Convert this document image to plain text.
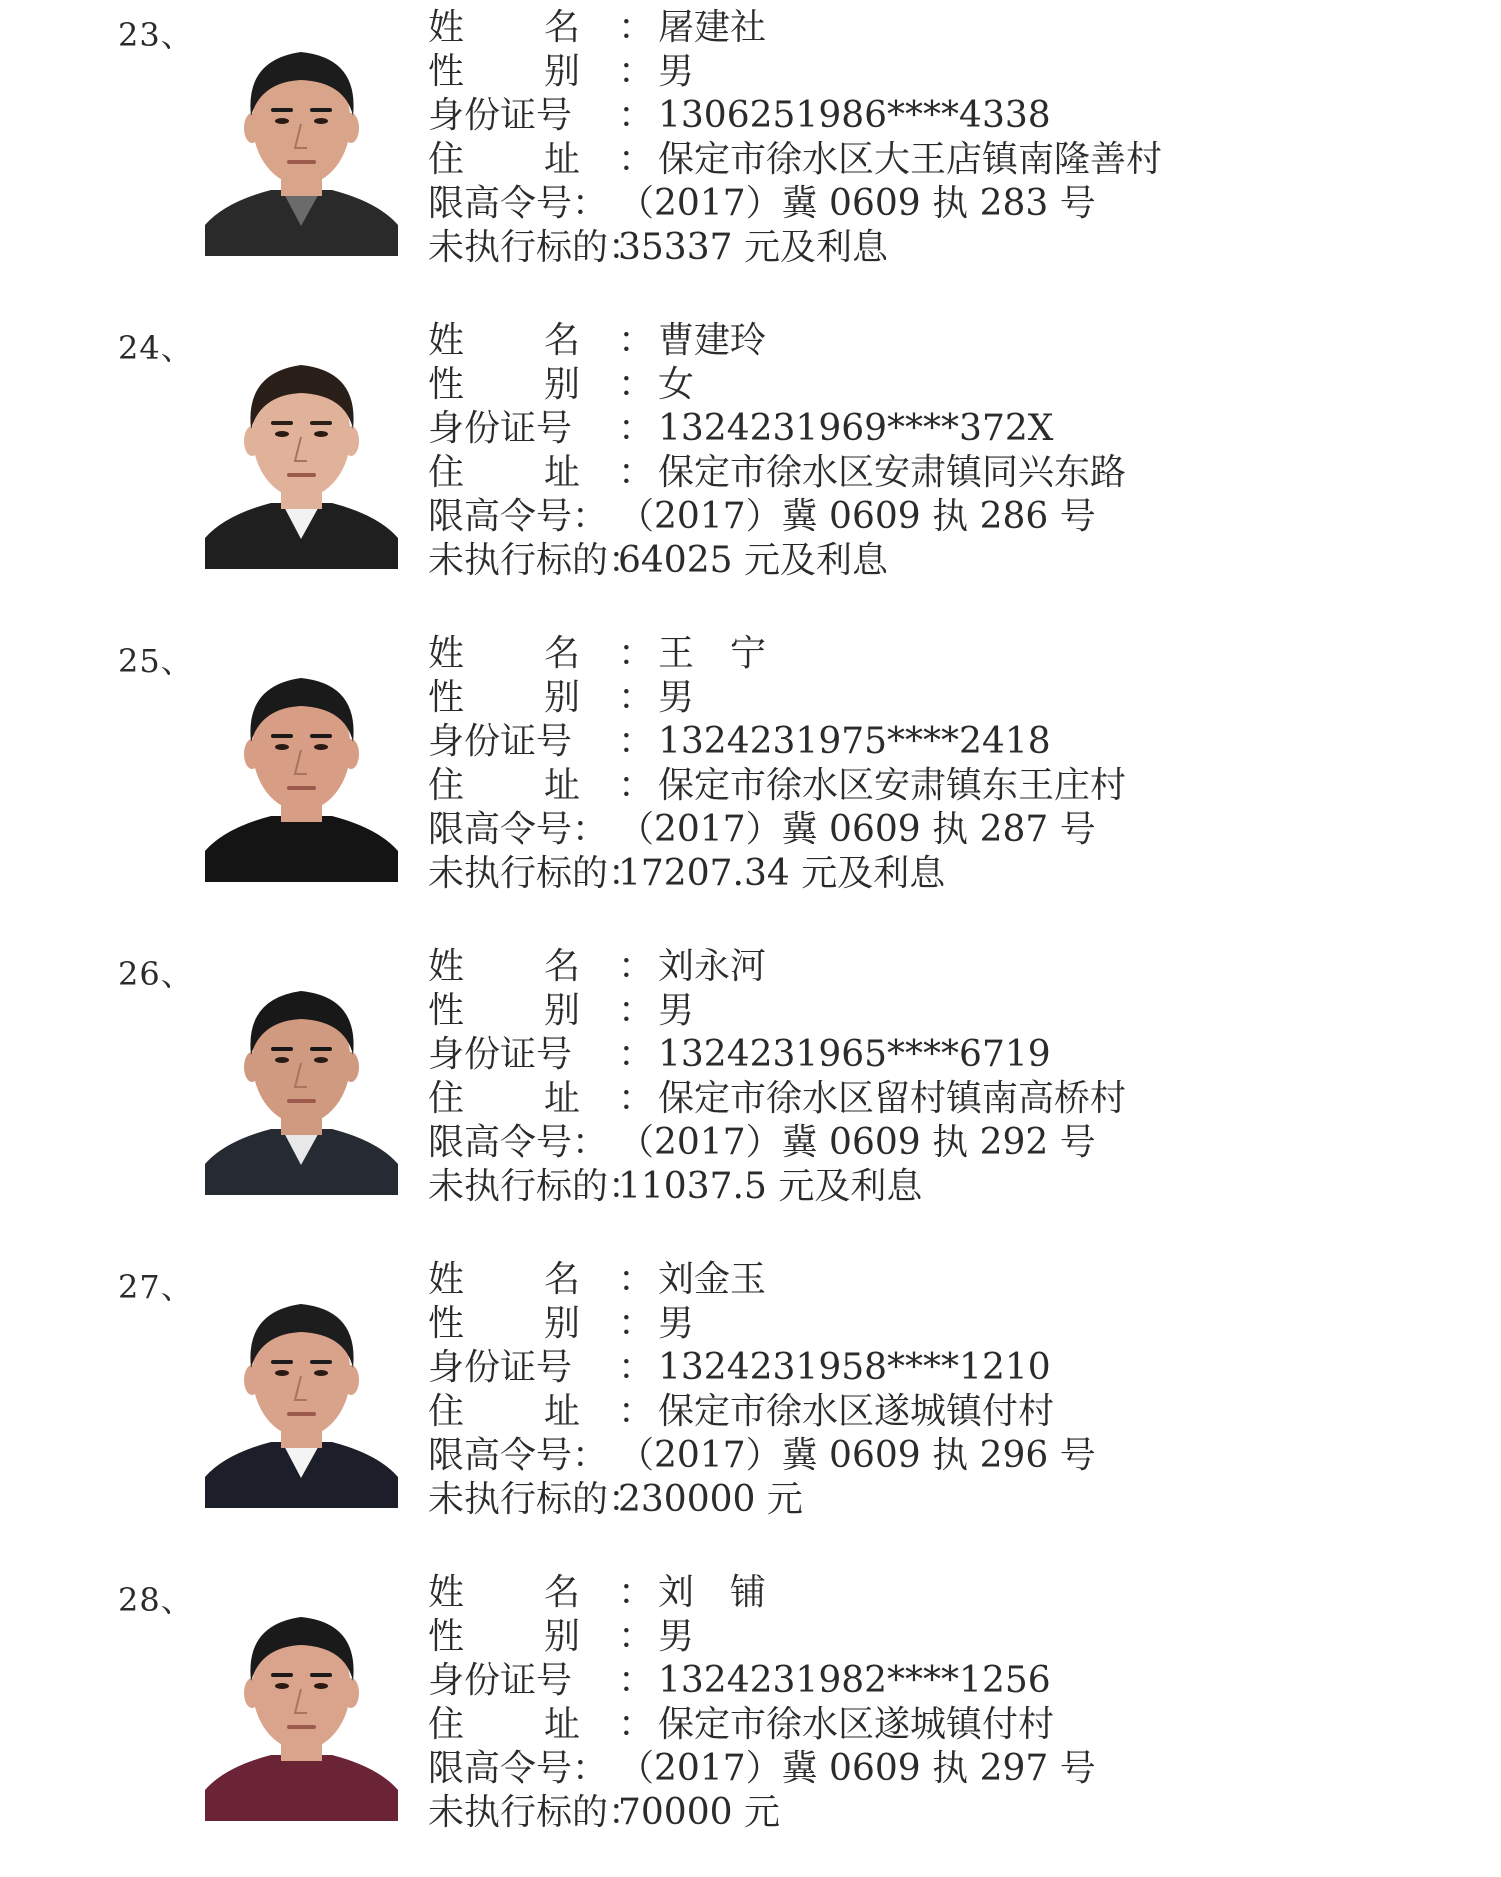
23、	姓 名 ： 屠建社
性 别 ： 男
身份证号	： 1306251986****4338
住 址 ： 保定市徐水区大王店镇南隆善村
限高令号： （2017）冀 0609 执 283 号
未执行标的：
35337 元及利息
24、	姓 名 ： 曹建玲
性 别 ： 女
身份证号	： 1324231969****372X
住 址 ： 保定市徐水区安肃镇同兴东路
限高令号： （2017）冀 0609 执 286 号
未执行标的：
64025 元及利息
25、	姓 名 ： 王　宁
性 别 ： 男
身份证号	： 1324231975****2418
住 址 ： 保定市徐水区安肃镇东王庄村
限高令号： （2017）冀 0609 执 287 号
未执行标的：
17207.34 元及利息
26、	姓 名 ： 刘永河
性 别 ： 男
身份证号	： 1324231965****6719
住 址 ： 保定市徐水区留村镇南高桥村
限高令号： （2017）冀 0609 执 292 号
未执行标的：
11037.5 元及利息
27、	姓 名 ： 刘金玉
性 别 ： 男
身份证号	： 1324231958****1210
住 址 ： 保定市徐水区遂城镇付村
限高令号： （2017）冀 0609 执 296 号
未执行标的：
230000 元
28、	姓 名 ： 刘　铺
性 别 ： 男
身份证号	： 1324231982****1256
住 址 ： 保定市徐水区遂城镇付村
限高令号： （2017）冀 0609 执 297 号
未执行标的：
70000 元
